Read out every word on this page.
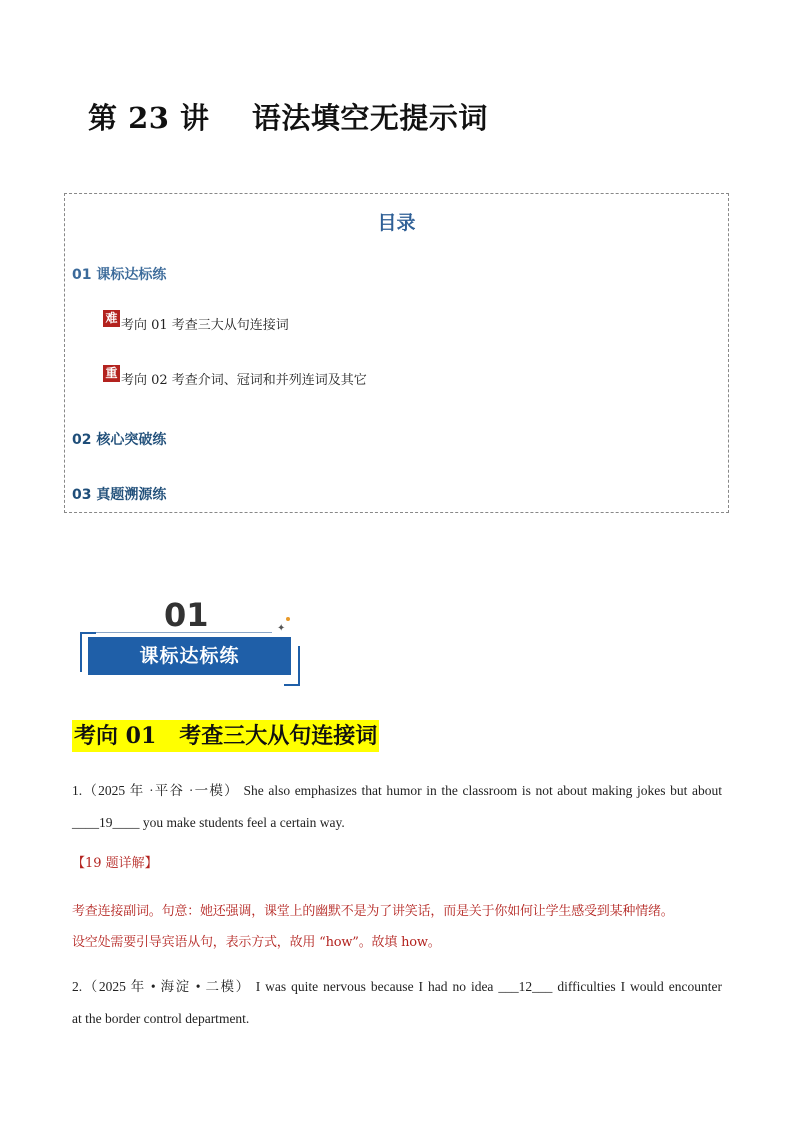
第 23 讲    语法填空无提示词
目录
01 课标达标练
难 考向 01 考查三大从句连接词
重 考向 02 考查介词、冠词和并列连词及其它
02 核心突破练
03 真题溯源练
01	✦
课标达标练
考向 01   考查三大从句连接词
1.（2025 年 ·平谷 ·一模） She also emphasizes that humor in the classroom is not about making jokes but about
____19____ you make students feel a certain way.
【19 题详解】
考查连接副词。句意：她还强调，课堂上的幽默不是为了讲笑话，而是关于你如何让学生感受到某种情绪。
设空处需要引导宾语从句，表示方式，故用 “how”。故填 how。
2.（2025 年 • 海淀 • 二模） I was quite nervous because I had no idea ___12___ difficulties I would encounter
at the border control department.
